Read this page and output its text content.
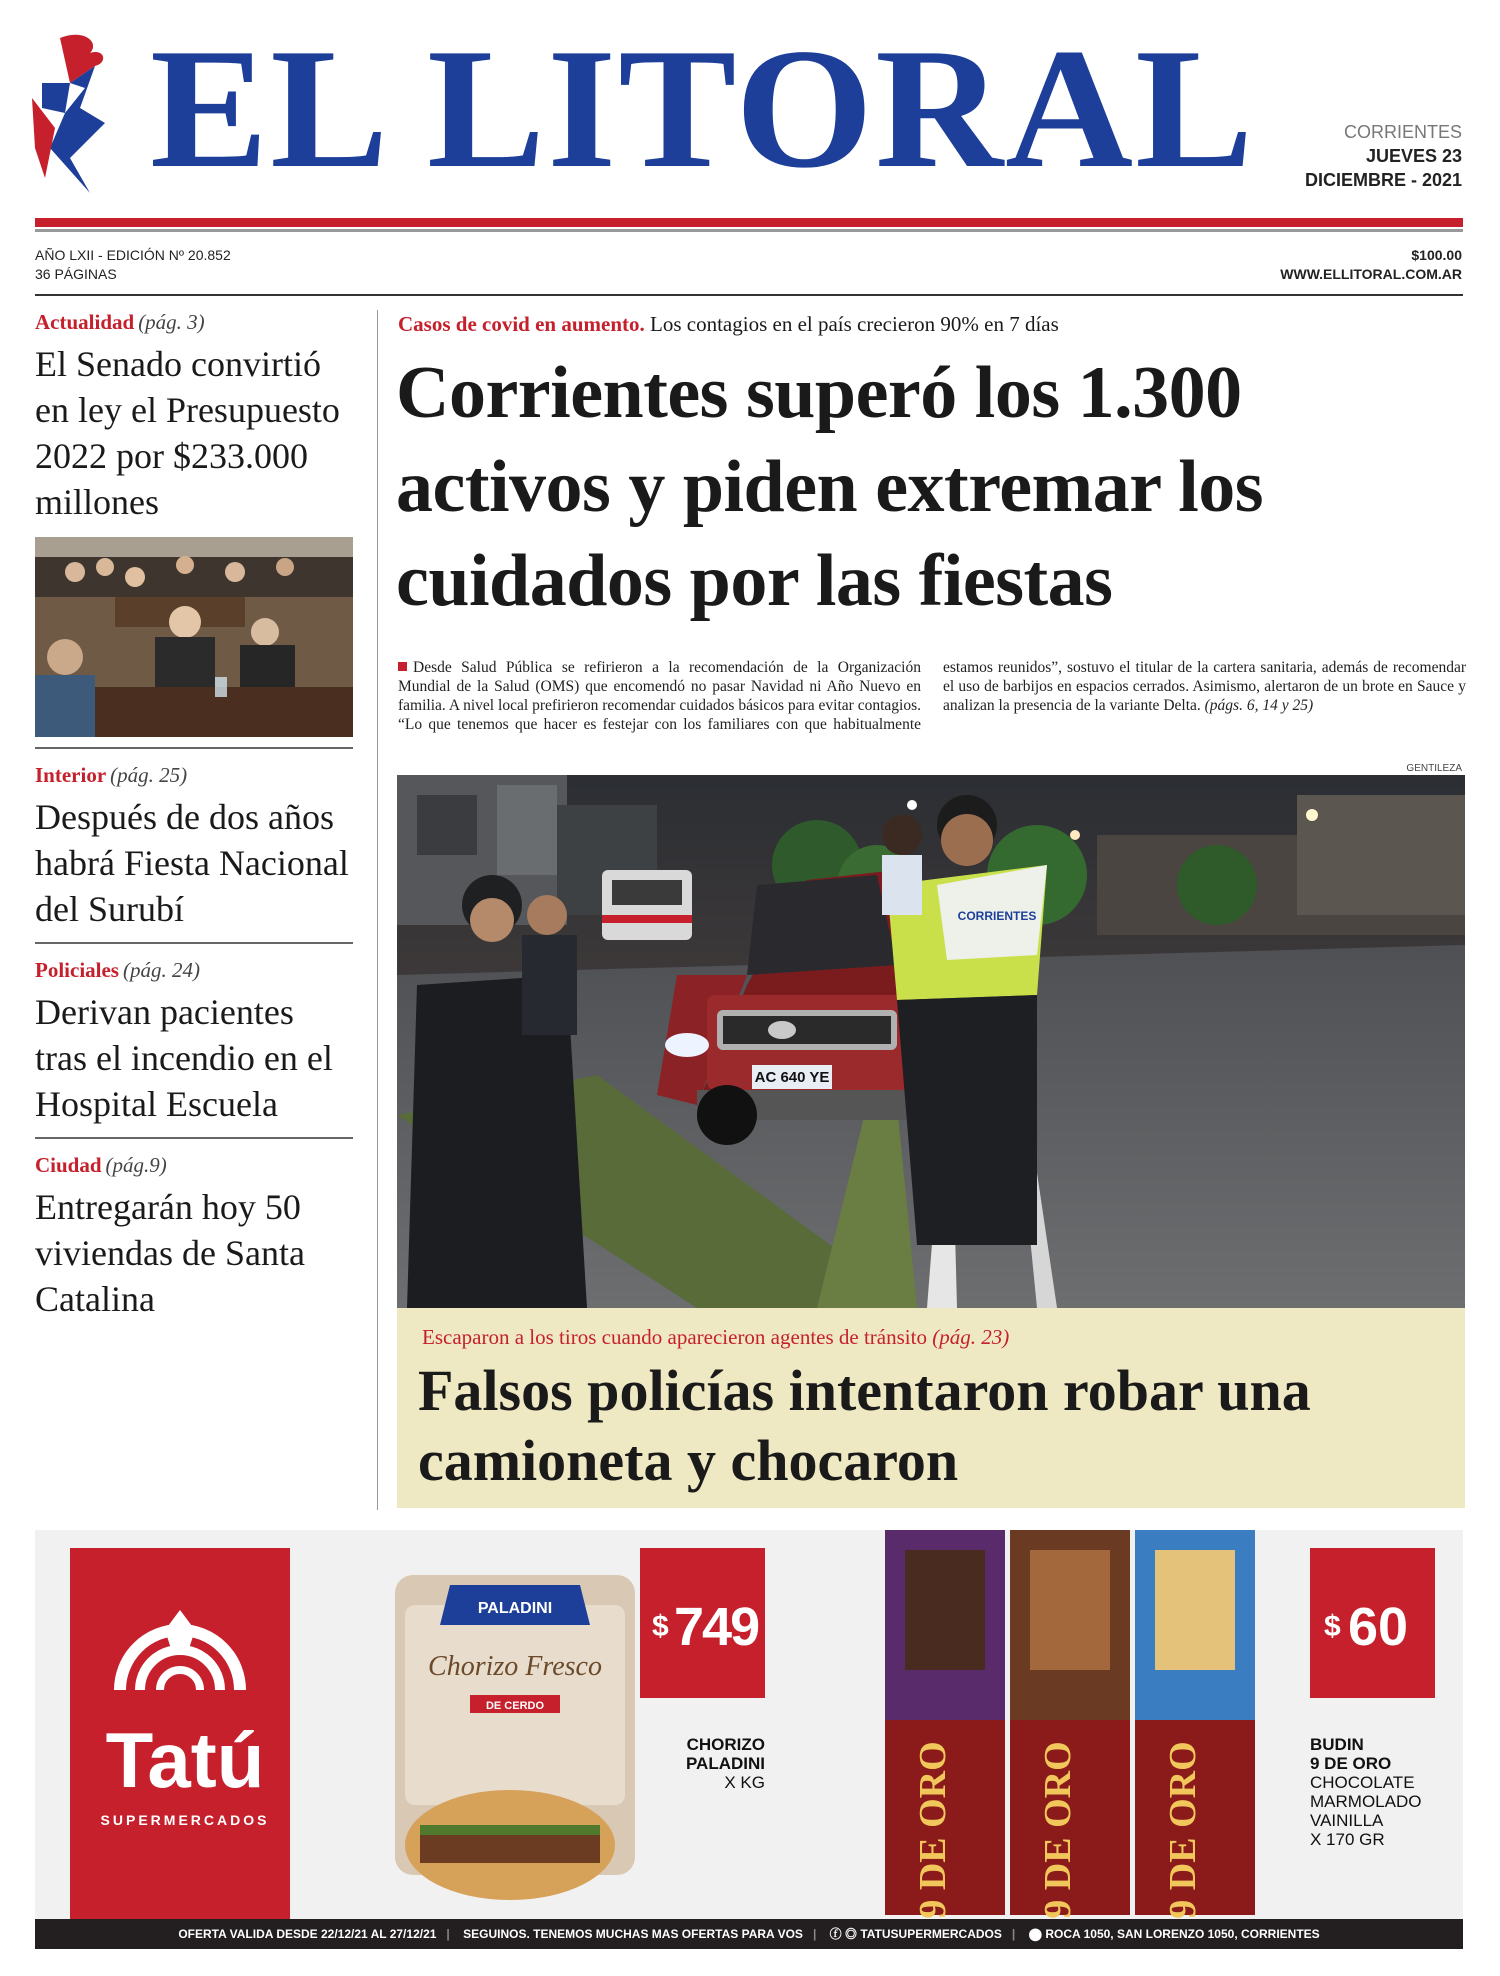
EL LITORAL	CORRIENTES
JUEVES 23
DICIEMBRE - 2021
AÑO LXII - EDICIÓN Nº 20.852
36 PÁGINAS
$100.00
WWW.ELLITORAL.COM.AR
Actualidad (pág. 3)
El Senado convirtió en ley el Presupuesto 2022 por $233.000 millones
Interior (pág. 25)
Después de dos años habrá Fiesta Nacional del Surubí
Policiales (pág. 24)
Derivan pacientes tras el incendio en el Hospital Escuela
Ciudad (pág.9)
Entregarán hoy 50 viviendas de Santa Catalina
Casos de covid en aumento. Los contagios en el país crecieron 90% en 7 días
Corrientes superó los 1.300 activos y piden extremar los cuidados por las fiestas
Desde Salud Pública se refirieron a la recomendación de la Organización Mundial de la Salud (OMS) que encomendó no pasar Navidad ni Año Nuevo en familia. A nivel local prefirieron recomendar cuidados básicos para evitar contagios. “Lo que tenemos que hacer es festejar con los familiares con que habitualmente estamos reunidos”, sostuvo el titular de la cartera sanitaria, además de recomendar el uso de barbijos en espacios cerrados. Asimismo, alertaron de un brote en Sauce y analizan la presencia de la variante Delta. (págs. 6, 14 y 25)
GENTILEZA
AC 640 YE
CORRIENTES
Escaparon a los tiros cuando aparecieron agentes de tránsito (pág. 23)
Falsos policías intentaron robar una camioneta y chocaron
Tatú
SUPERMERCADOS
PALADINI
Chorizo Fresco
DE CERDO
$ 749
CHORIZO
PALADINI
X KG	9 DE ORO 9 DE ORO 9 DE ORO
$ 60
BUDIN
9 DE ORO
CHOCOLATE
MARMOLADO
VAINILLA
X 170 GR
OFERTA VALIDA DESDE 22/12/21 AL 27/12/21 | SEGUINOS. TENEMOS MUCHAS MAS OFERTAS PARA VOS | ⓕ ◎ TATUSUPERMERCADOS | ⬤ ROCA 1050, SAN LORENZO 1050, CORRIENTES
